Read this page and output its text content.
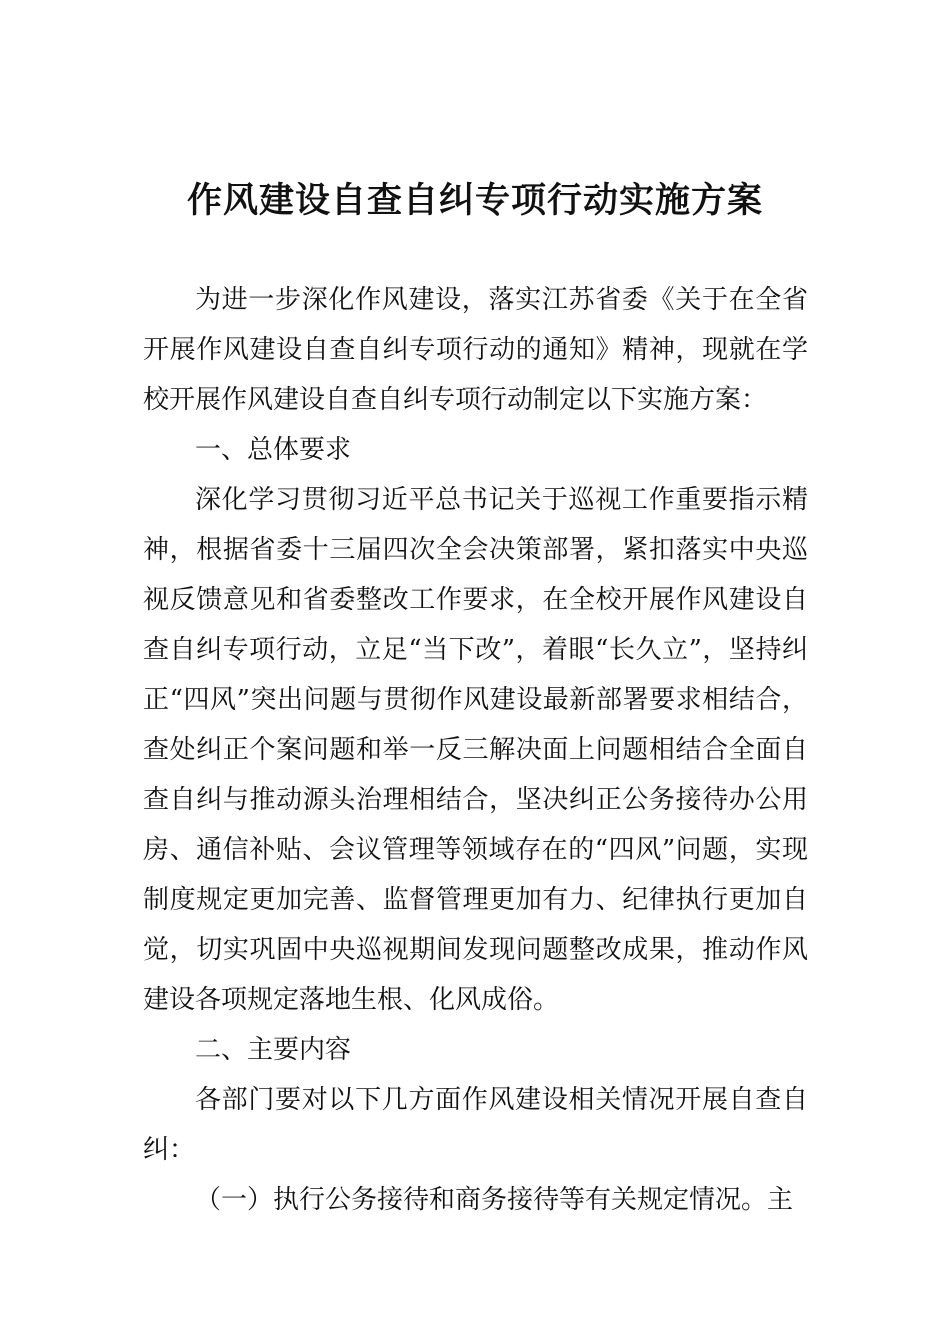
作风建设自查自纠专项行动实施方案

为进一步深化作风建设，落实江苏省委《关于在全省开展作风建设自查自纠专项行动的通知》精神，现就在学校开展作风建设自查自纠专项行动制定以下实施方案：

一、总体要求

深化学习贯彻习近平总书记关于巡视工作重要指示精神，根据省委十三届四次全会决策部署，紧扣落实中央巡视反馈意见和省委整改工作要求，在全校开展作风建设自查自纠专项行动，立足“当下改”，着眼“长久立”，坚持纠正“四风”突出问题与贯彻作风建设最新部署要求相结合，查处纠正个案问题和举一反三解决面上问题相结合全面自查自纠与推动源头治理相结合，坚决纠正公务接待办公用房、通信补贴、会议管理等领域存在的“四风”问题，实现制度规定更加完善、监督管理更加有力、纪律执行更加自觉，切实巩固中央巡视期间发现问题整改成果，推动作风建设各项规定落地生根、化风成俗。

二、主要内容

各部门要对以下几方面作风建设相关情况开展自查自纠：

（一）执行公务接待和商务接待等有关规定情况。主
